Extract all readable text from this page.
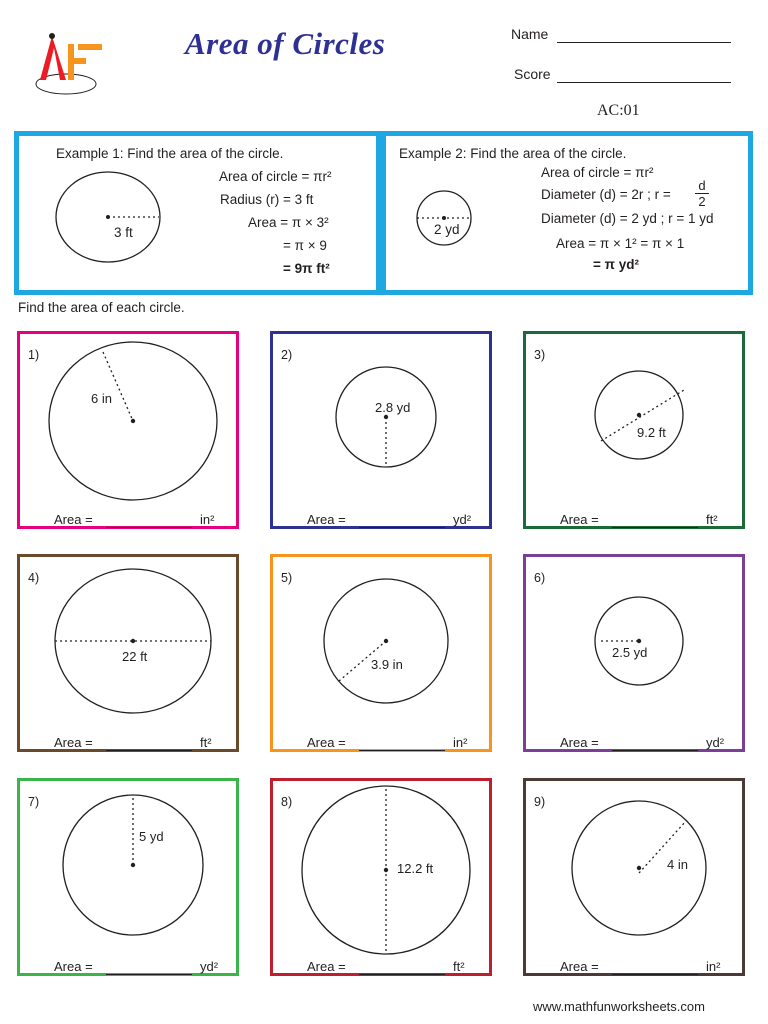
Area of Circles	Name
Score
AC:01
Example 1: Find the area of the circle.
3 ft
Area of circle = πr²
Radius (r) = 3 ft
Area = π × 3²
= π × 9
= 9π ft²
Example 2: Find the area of the circle.
2 yd
Area of circle = πr²
Diameter (d) = 2r ; $r = \frac{d}{2}$
Diameter (d) = 2 yd ; r = 1 yd
Area = π × 1² = π × 1
= π yd²
Find the area of each circle.
1)
6 in
Area =	in²
2)
2.8 yd
Area =	yd²
3)
9.2 ft
Area =	ft²
4)
22 ft
Area =	ft²
5)
3.9 in
Area =	in²
6)
2.5 yd
Area =	yd²
7)
5 yd
Area =	yd²
8)
12.2 ft
Area =	ft²
9)
4 in
Area =	in²
www.mathfunworksheets.com
